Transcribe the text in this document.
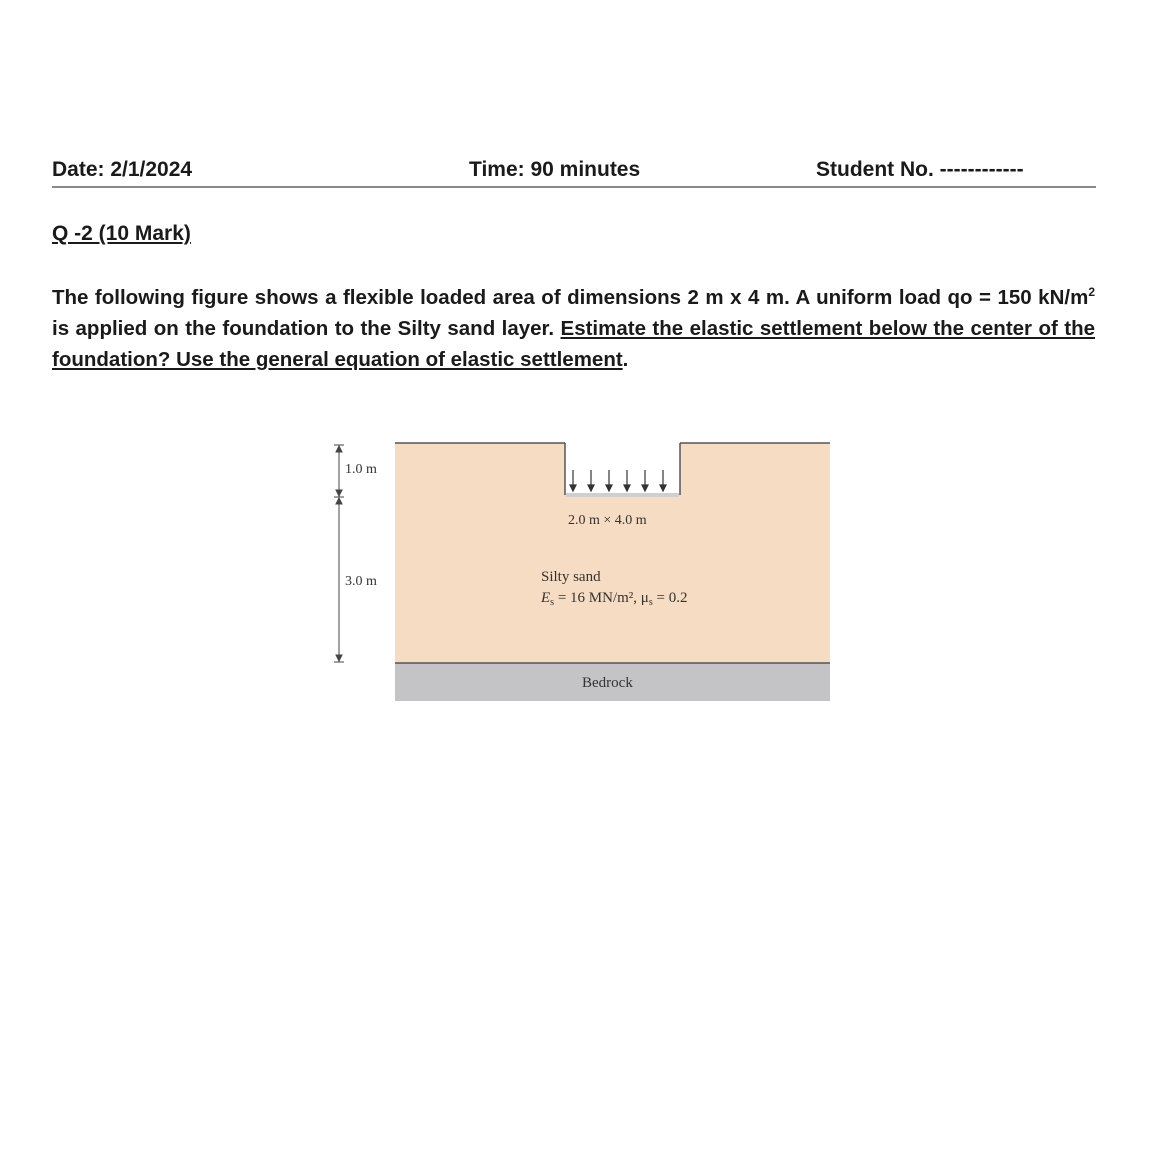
Date: 2/1/2024	Time: 90 minutes	Student No. ------------
Q -2 (10 Mark)
The following figure shows a flexible loaded area of dimensions 2 m x 4 m. A uniform load qo = 150 $kN/m^2$ is applied on the foundation to the Silty sand layer. Estimate the elastic settlement below the center of the foundation? Use the general equation of elastic settlement.
1.0 m
3.0 m
2.0 m × 4.0 m
Silty sand
$E_s = 16$ MN/m², $\mu_s = 0.2$
Bedrock
